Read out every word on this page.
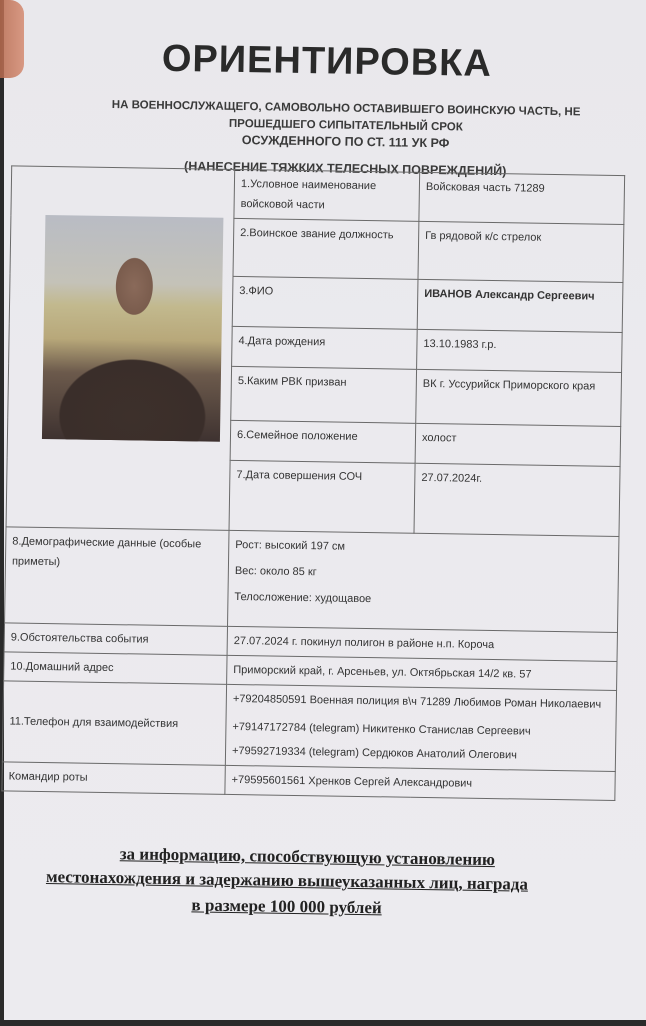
ОРИЕНТИРОВКА
НА ВОЕННОСЛУЖАЩЕГО, САМОВОЛЬНО ОСТАВИВШЕГО ВОИНСКУЮ ЧАСТЬ, НЕ ПРОШЕДШЕГО СИПЫТАТЕЛЬНЫЙ СРОК
ОСУЖДЕННОГО ПО СТ. 111 УК РФ
(НАНЕСЕНИЕ ТЯЖКИХ ТЕЛЕСНЫХ ПОВРЕЖДЕНИЙ)
	1.Условное наименование войсковой части	Войсковая часть 71289
	2.Воинское звание должность	Гв рядовой к/с стрелок
	3.ФИО	ИВАНОВ Александр Сергеевич
	4.Дата рождения	13.10.1983 г.р.
	5.Каким РВК призван	ВК г. Уссурийск Приморского края
	6.Семейное положение	холост
	7.Дата совершения СОЧ	27.07.2024г.
8.Демографические данные (особые приметы)	Рост: высокий 197 см
Вес: около 85 кг
Телосложение: худощавое	

9.Обстоятельства события	27.07.2024 г. покинул полигон в районе н.п. Короча	
10.Домашний адрес	Приморский край, г. Арсеньев, ул. Октябрьская 14/2 кв. 57	
11.Телефон для взаимодействия	+79204850591 Военная полиция в\ч 71289 Любимов Роман Николаевич
+79147172784 (telegram) Никитенко Станислав Сергеевич
+79592719334 (telegram) Сердюков Анатолий Олегович	

Командир роты	+79595601561 Хренков Сергей Александрович	
за информацию, способствующую установлению
местонахождения и задержанию вышеуказанных лиц, награда
в размере 100 000 рублей
